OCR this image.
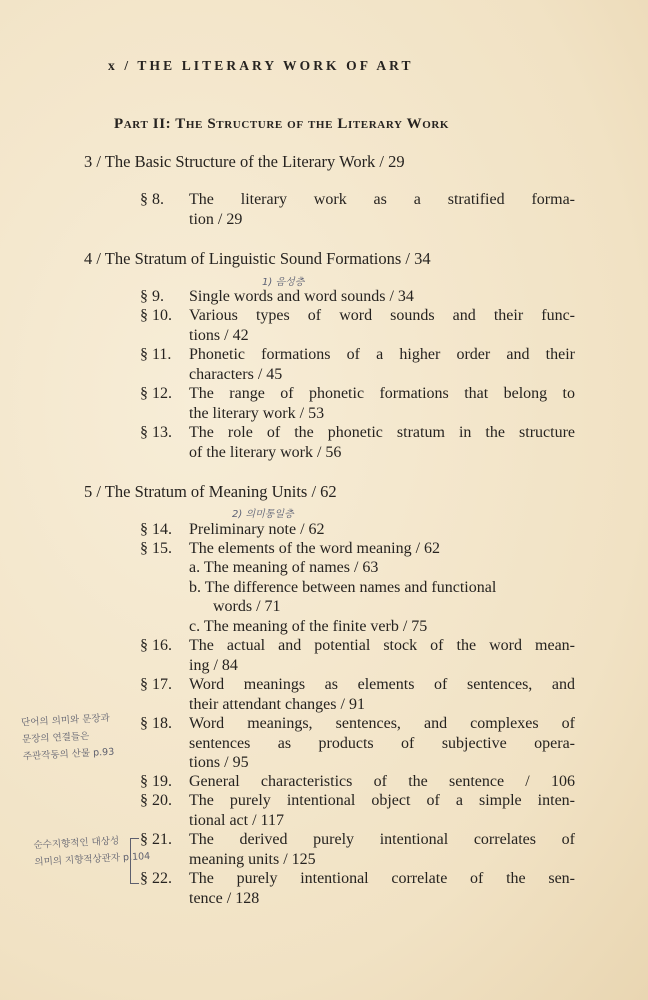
x / THE LITERARY WORK OF ART
Part II: The Structure of the Literary Work
3 / The Basic Structure of the Literary Work / 29
§ 8. The literary work as a stratified forma-
tion / 29
4 / The Stratum of Linguistic Sound Formations / 34
1) 음성층
§ 9. Single words and word sounds / 34
§ 10. Various types of word sounds and their func-
tions / 42
§ 11. Phonetic formations of a higher order and their
characters / 45
§ 12. The range of phonetic formations that belong to
the literary work / 53
§ 13. The role of the phonetic stratum in the structure
of the literary work / 56
5 / The Stratum of Meaning Units / 62
2) 의미통일층
§ 14. Preliminary note / 62
§ 15. The elements of the word meaning / 62
a. The meaning of names / 63
b. The difference between names and functional
words / 71
c. The meaning of the finite verb / 75
§ 16. The actual and potential stock of the word mean-
ing / 84
§ 17. Word meanings as elements of sentences, and
their attendant changes / 91
단어의 의미와 문장과
문장의 연결들은
주관작동의 산물 p.93
§ 18. Word meanings, sentences, and complexes of
sentences as products of subjective opera-
tions / 95
§ 19. General characteristics of the sentence / 106
§ 20. The purely intentional object of a simple inten-
tional act / 117
순수지향적인 대상성
의미의 지향적상관자 p.104
§ 21. The derived purely intentional correlates of
meaning units / 125
§ 22. The purely intentional correlate of the sen-
tence / 128
